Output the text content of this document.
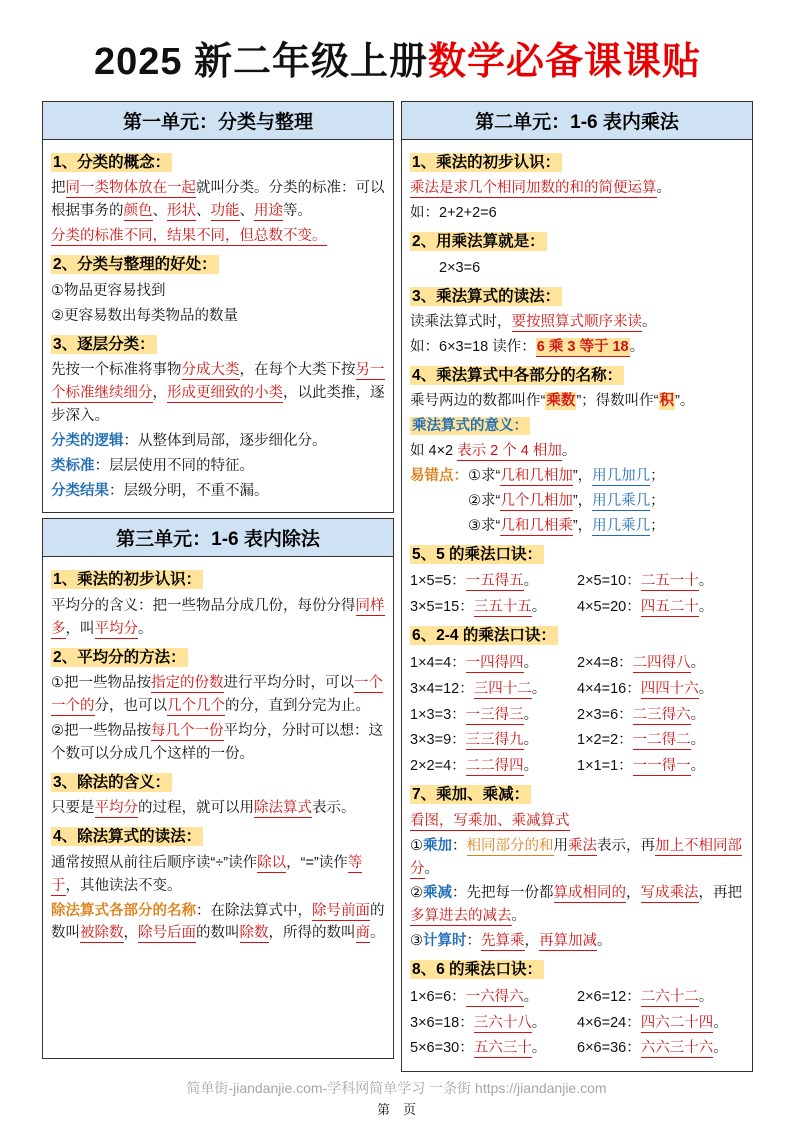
2025 新二年级上册数学必备课课贴
第一单元：分类与整理
1、分类的概念：
把同一类物体放在一起就叫分类。分类的标准：可以根据事务的颜色、形状、功能、用途等。
分类的标准不同，结果不同，但总数不变。
2、分类与整理的好处：
①物品更容易找到
②更容易数出每类物品的数量
3、逐层分类：
先按一个标准将事物分成大类，在每个大类下按另一个标准继续细分，形成更细致的小类，以此类推，逐步深入。
分类的逻辑：从整体到局部，逐步细化分。
类标准：层层使用不同的特征。
分类结果：层级分明，不重不漏。
第三单元：1-6 表内除法
1、乘法的初步认识：
平均分的含义：把一些物品分成几份，每份分得同样多，叫平均分。
2、平均分的方法：
①把一些物品按指定的份数进行平均分时，可以一个一个的分，也可以几个几个的分，直到分完为止。
②把一些物品按每几个一份平均分，分时可以想：这个数可以分成几个这样的一份。
3、除法的含义：
只要是平均分的过程，就可以用除法算式表示。
4、除法算式的读法：
通常按照从前往后顺序读“÷”读作除以，“=”读作等于，其他读法不变。
除法算式各部分的名称：在除法算式中，除号前面的数叫被除数，除号后面的数叫除数，所得的数叫商。
第二单元：1-6 表内乘法
1、乘法的初步认识：
乘法是求几个相同加数的和的简便运算。
如：2+2+2=6
2、用乘法算就是：
2×3=6
3、乘法算式的读法：
读乘法算式时，要按照算式顺序来读。
如：6×3=18 读作：6 乘 3 等于 18。
4、乘法算式中各部分的名称：
乘号两边的数都叫作“乘数”；得数叫作“积”。
乘法算式的意义：
如 4×2 表示 2 个 4 相加。
易错点：①求“几和几相加”，用几加几；
②求“几个几相加”，用几乘几；
③求“几和几相乘”，用几乘几；
5、5 的乘法口诀：
1×5=5：一五得五。	2×5=10：二五一十。
3×5=15：三五十五。	4×5=20：四五二十。
6、2-4 的乘法口诀：
1×4=4：一四得四。	2×4=8：二四得八。
3×4=12：三四十二。	4×4=16：四四十六。
1×3=3：一三得三。	2×3=6：二三得六。
3×3=9：三三得九。	1×2=2：一二得二。
2×2=4：二二得四。	1×1=1：一一得一。
7、乘加、乘减：
看图，写乘加、乘减算式
①乘加：相同部分的和用乘法表示，再加上不相同部分。
②乘减：先把每一份都算成相同的，写成乘法，再把多算进去的减去。
③计算时：先算乘，再算加减。
8、6 的乘法口诀：
1×6=6：一六得六。	2×6=12：二六十二。
3×6=18：三六十八。	4×6=24：四六二十四。
5×6=30：五六三十。	6×6=36：六六三十六。
简单街-jiandanjie.com-学科网简单学习 一条街 https://jiandanjie.com
第　页
